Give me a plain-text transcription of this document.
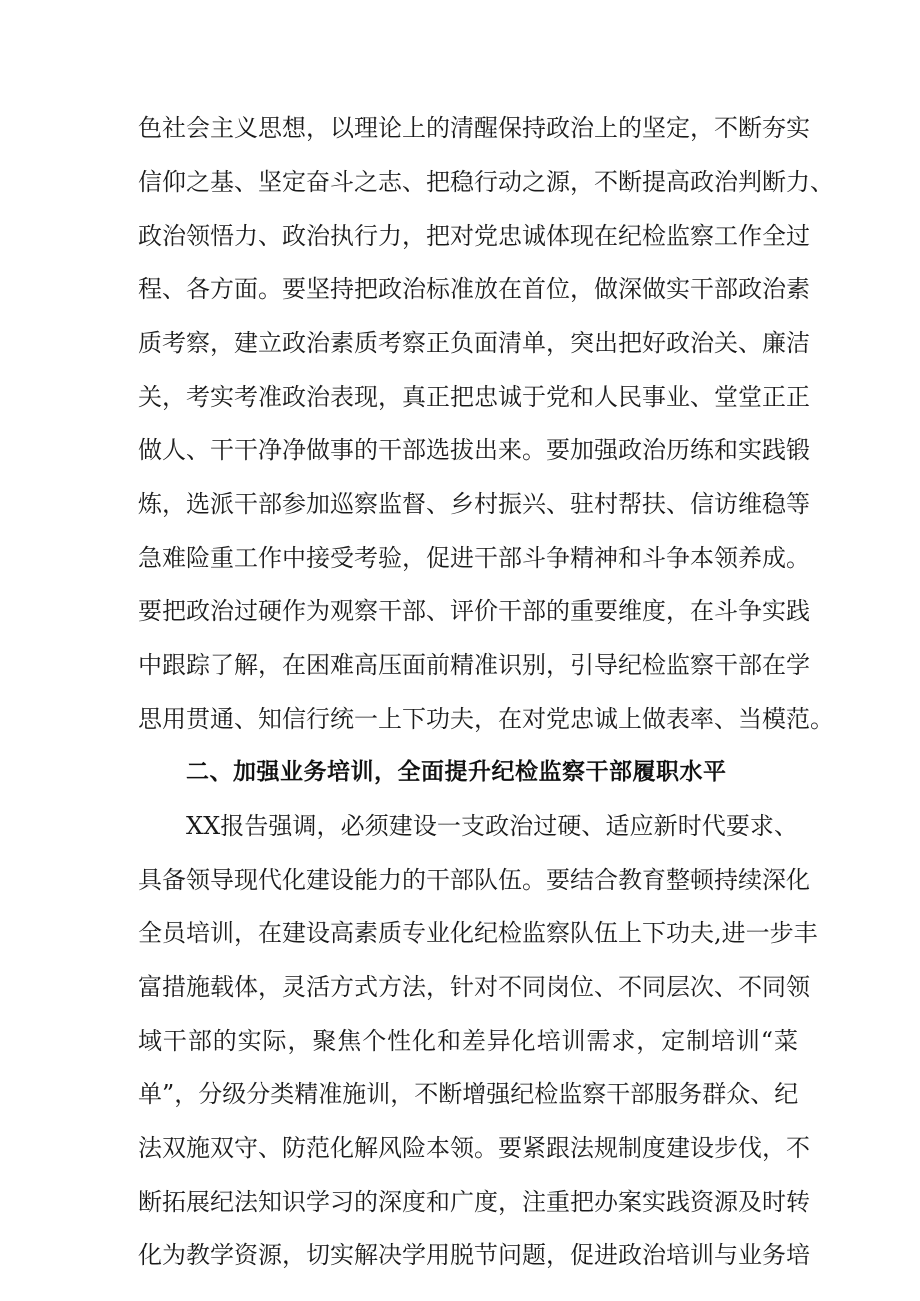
色社会主义思想，以理论上的清醒保持政治上的坚定，不断夯实
信仰之基、坚定奋斗之志、把稳行动之源，不断提高政治判断力、
政治领悟力、政治执行力，把对党忠诚体现在纪检监察工作全过
程、各方面。要坚持把政治标准放在首位，做深做实干部政治素
质考察，建立政治素质考察正负面清单，突出把好政治关、廉洁
关，考实考准政治表现，真正把忠诚于党和人民事业、堂堂正正
做人、干干净净做事的干部选拔出来。要加强政治历练和实践锻
炼，选派干部参加巡察监督、乡村振兴、驻村帮扶、信访维稳等
急难险重工作中接受考验，促进干部斗争精神和斗争本领养成。
要把政治过硬作为观察干部、评价干部的重要维度，在斗争实践
中跟踪了解，在困难高压面前精准识别，引导纪检监察干部在学
思用贯通、知信行统一上下功夫，在对党忠诚上做表率、当模范。
二、加强业务培训，全面提升纪检监察干部履职水平
XX报告强调，必须建设一支政治过硬、适应新时代要求、
具备领导现代化建设能力的干部队伍。要结合教育整顿持续深化
全员培训，在建设高素质专业化纪检监察队伍上下功夫,进一步丰
富措施载体，灵活方式方法，针对不同岗位、不同层次、不同领
域干部的实际，聚焦个性化和差异化培训需求，定制培训“菜
单”，分级分类精准施训，不断增强纪检监察干部服务群众、纪
法双施双守、防范化解风险本领。要紧跟法规制度建设步伐，不
断拓展纪法知识学习的深度和广度，注重把办案实践资源及时转
化为教学资源，切实解决学用脱节问题，促进政治培训与业务培
